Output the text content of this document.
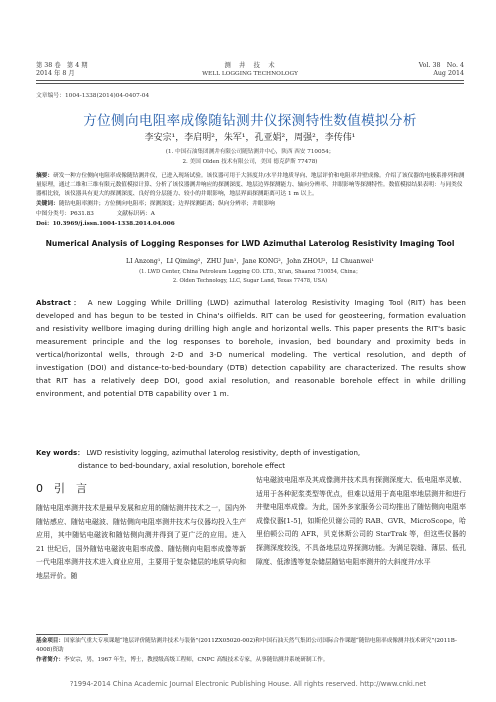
第 38 卷　第 4 期
2014 年 8 月
测　井　技　术
WELL LOGGING TECHNOLOGY
Vol. 38　No. 4
Aug 2014
文章编号：1004-1338(2014)04-0407-04
方位侧向电阻率成像随钻测井仪探测特性数值模拟分析
李安宗¹，李启明²，朱军¹，孔亚娟²，周强²，李传伟¹
(1. 中国石油集团测井有限公司随钻测井中心，陕西 西安 710054；
2. 美国 Olden 技术有限公司，美国 德克萨斯 77478)
摘要：研发一种方位侧向电阻率成像随钻测井仪，已进入现场试验。该仪器可用于大斜度井/水平井地质导向、地层评价和电阻率井壁成像。介绍了该仪器的电极系排列和测量原理，通过二维和三维有限元数值模拟计算、分析了该仪器测井响应的探测深度、地层边界探测能力、轴向分辨率、井眼影响等探测特性。数值模拟结果表明：与同类仪器相比较，该仪器具有更大的探测深度、良好的分层能力、较小的井眼影响，地层界面探测距离可达 1 m 以上。
关键词：随钻电阻率测井；方位侧向电阻率；探测深度；边界探测距离；纵向分辨率；井眼影响
中图分类号：P631.83　　　　文献标识码：A
Doi：10.3969/j.issn.1004-1338.2014.04.006
Numerical Analysis of Logging Responses for LWD Azimuthal Laterolog Resistivity Imaging Tool
LI Anzong¹，LI Qiming²，ZHU Jun¹，Jane KONG²，John ZHOU²，LI Chuanwei¹
(1. LWD Center, China Petroleum Logging CO. LTD., Xi'an, Shaanxi 710054, China；
2. Olden Technology, LLC, Sugar Land, Texas 77478, USA)
Abstract： A new Logging While Drilling (LWD) azimuthal laterolog Resistivity Imaging Tool (RIT) has been developed and has begun to be tested in China's oilfields. RIT can be used for geosteering, formation evaluation and resistivity wellbore imaging during drilling high angle and horizontal wells. This paper presents the RIT's basic measurement principle and the log responses to borehole, invasion, bed boundary and proximity beds in vertical/horizontal wells, through 2-D and 3-D numerical modeling. The vertical resolution, and depth of investigation (DOI) and distance-to-bed-boundary (DTB) detection capability are characterized. The results show that RIT has a relatively deep DOI, good axial resolution, and reasonable borehole effect in while drilling environment, and potential DTB capability over 1 m.
Key words： LWD resistivity logging, azimuthal laterolog resistivity, depth of investigation,
distance to bed-boundary, axial resolution, borehole effect
0　引　言
随钻电阻率测井技术是最早发展和应用的随钻测井技术之一，国内外随钻感应、随钻电磁波、随钻侧向电阻率测井技术与仪器均投入生产应用，其中随钻电磁波和随钻侧向测井得到了更广泛的应用。进入 21 世纪后，国外随钻电磁波电阻率成像、随钻侧向电阻率成像等新一代电阻率测井技术进入商业应用，主要用于复杂储层的地质导向和地层评价。随
钻电磁波电阻率及其成像测井技术具有探测深度大、低电阻率灵敏、适用于各种泥浆类型等优点，但难以适用于高电阻率地层测井和进行井壁电阻率成像。为此，国外多家服务公司均推出了随钻侧向电阻率成像仪器[1-5]，如斯伦贝谢公司的 RAB、GVR、MicroScope，哈里伯顿公司的 AFR，贝克休斯公司的 StarTrak 等，但这些仪器的探测深度较浅，不具备地层边界探测功能。为满足裂缝、薄层、低孔隙度、低渗透等复杂储层随钻电阻率测井的大斜度井/水平
基金项目：国家油气重大专项课题“地层评价随钻测井技术与装备”(2011ZX05020-002)和中国石油天然气集团公司国际合作课题“随钻电阻率成像测井技术研究”(2011B-4008)资助
作者简介：李安宗，男，1967 年生，博士，教授级高级工程师，CNPC 高级技术专家，从事随钻测井系统研制工作。
?1994-2014 China Academic Journal Electronic Publishing House. All rights reserved. http://www.cnki.net
